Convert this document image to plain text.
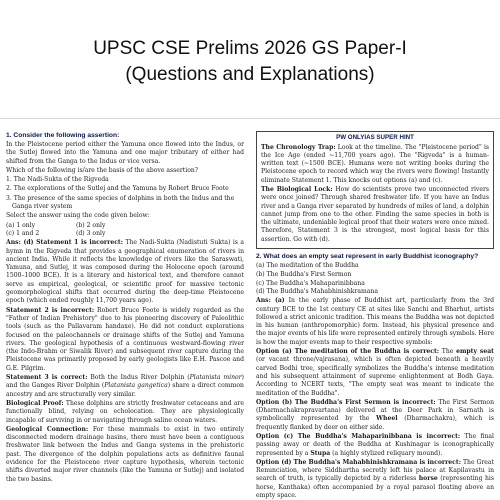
UPSC CSE Prelims 2026 GS Paper-I
(Questions and Explanations)
1. Consider the following assertion:

In the Pleistocene period either the Yamuna once flowed into the Indus, or the Sutlej flowed into the Yamuna and one major tributary of either had shifted from the Ganga to the Indus or vice versa.

Which of the following is/are the basis of the above assertion?

1. The Nadi-Sukta of the Rigveda
2. The explorations of the Sutlej and the Yamuna by Robert Bruce Foote
3. The presence of the same species of dolphins in both the Indus and the Ganga river system
Select the answer using the code given below:
(a) 1 only	(b) 2 only
(c) 1 and 2	(d) 3 only

Ans: (d) Statement 1 is incorrect: The Nadi-Sukta (Nadistuti Sukta) is a hymn in the Rigveda that provides a geographical enumeration of rivers in ancient India. While it reflects the knowledge of rivers like the Saraswati, Yamuna, and Sutlej, it was composed during the Holocene epoch (around 1500–1000 BCE). It is a literary and historical text, and therefore cannot serve as empirical, geological, or scientific proof for massive tectonic geomorphological shifts that occurred during the deep-time Pleistocene epoch (which ended roughly 11,700 years ago).

Statement 2 is incorrect: Robert Bruce Foote is widely regarded as the "Father of Indian Prehistory" due to his pioneering discovery of Paleolithic tools (such as the Pallavaram handaxe). He did not conduct explorations focused on the paleochannels or drainage shifts of the Sutlej and Yamuna rivers. The geological hypothesis of a continuous westward-flowing river (the Indo-Brahm or Siwalik River) and subsequent river capture during the Pleistocene was primarily proposed by early geologists like E.H. Pascoe and G.E. Pilgrim.

Statement 3 is correct: Both the Indus River Dolphin (Platanista minor) and the Ganges River Dolphin (Platanista gangetica) share a direct common ancestry and are structurally very similar.

Biological Proof: These dolphins are strictly freshwater cetaceans and are functionally blind, relying on echolocation. They are physiologically incapable of surviving in or navigating through saline ocean waters.

Geological Connection: For these mammals to exist in two entirely disconnected modern drainage basins, there must have been a contiguous freshwater link between the Indus and Ganga systems in the prehistoric past. The divergence of the dolphin populations acts as definitive faunal evidence for the Pleistocene river capture hypothesis, wherein tectonic shifts diverted major river channels (like the Yamuna or Sutlej) and isolated the two basins.

PW ONLYIAS SUPER HINT

The Chronology Trap: Look at the timeline. The "Pleistocene period" is the Ice Age (ended ~11,700 years ago). The "Rigveda" is a human-written text (~1500 BCE). Humans were not writing books during the Pleistocene epoch to record which way the rivers were flowing! Instantly eliminate Statement 1. This knocks out options (a) and (c).

The Biological Lock: How do scientists prove two unconnected rivers were once joined? Through shared freshwater life. If you have an Indus river and a Ganga river separated by hundreds of miles of land, a dolphin cannot jump from one to the other. Finding the same species in both is the ultimate, undeniable logical proof that their waters were once mixed. Therefore, Statement 3 is the strongest, most logical basis for this assertion. Go with (d).

2. What does an empty seat represent in early Buddhist iconography?
(a) The meditation of the Buddha
(b) The Buddha's First Sermon
(c) The Buddha's Mahaparinibbana
(d) The Buddha's Mahabhinishkramana

Ans: (a) In the early phase of Buddhist art, particularly from the 3rd century BCE to the 1st century CE at sites like Sanchi and Bharhut, artists followed a strict aniconic tradition. This means the Buddha was not depicted in his human (anthropomorphic) form. Instead, his physical presence and the major events of his life were represented entirely through symbols. Here is how the major events map to their respective symbols:

Option (a) The meditation of the Buddha is correct: The empty seat (or vacant throne/vajrasana), which is often depicted beneath a heavily carved Bodhi tree, specifically symbolizes the Buddha's intense meditation and his subsequent attainment of supreme enlightenment at Bodh Gaya. According to NCERT texts, "The empty seat was meant to indicate the meditation of the Buddha".

Option (b) The Buddha's First Sermon is incorrect: The First Sermon (Dharmachakrapravartana) delivered at the Deer Park in Sarnath is symbolically represented by the Wheel (Dharmachakra), which is frequently flanked by deer on either side.

Option (c) The Buddha's Mahaparinibbana is incorrect: The final passing away or death of the Buddha at Kushinagar is iconographically represented by a Stupa (a highly stylized reliquary mound).

Option (d) The Buddha's Mahabhinishkramana is incorrect: The Great Renunciation, where Siddhartha secretly left his palace at Kapilavastu in search of truth, is typically depicted by a riderless horse (representing his horse, Kanthaka) often accompanied by a royal parasol floating above an empty space.
